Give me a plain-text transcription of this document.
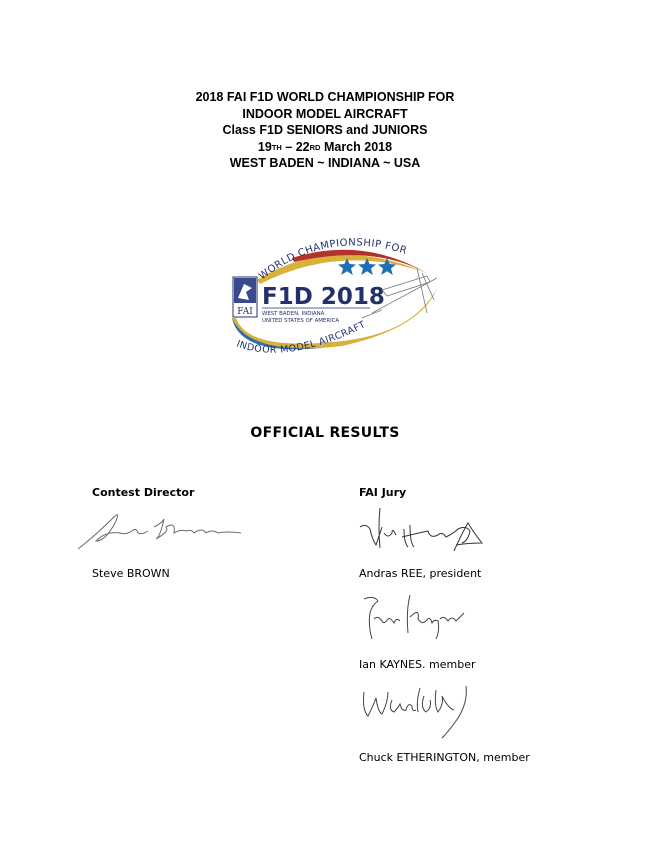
2018 FAI F1D WORLD CHAMPIONSHIP FOR
INDOOR MODEL AIRCRAFT
Class F1D SENIORS and JUNIORS
19TH – 22RD March 2018
WEST BADEN ~ INDIANA ~ USA
WORLD CHAMPIONSHIP FOR
INDOOR MODEL AIRCRAFT
FAI
F1D 2018
WEST BADEN, INDIANA
UNITED STATES OF AMERICA
OFFICIAL RESULTS
Contest Director
Steve BROWN
FAI Jury
Andras REE, president
Ian KAYNES. member
Chuck ETHERINGTON, member
